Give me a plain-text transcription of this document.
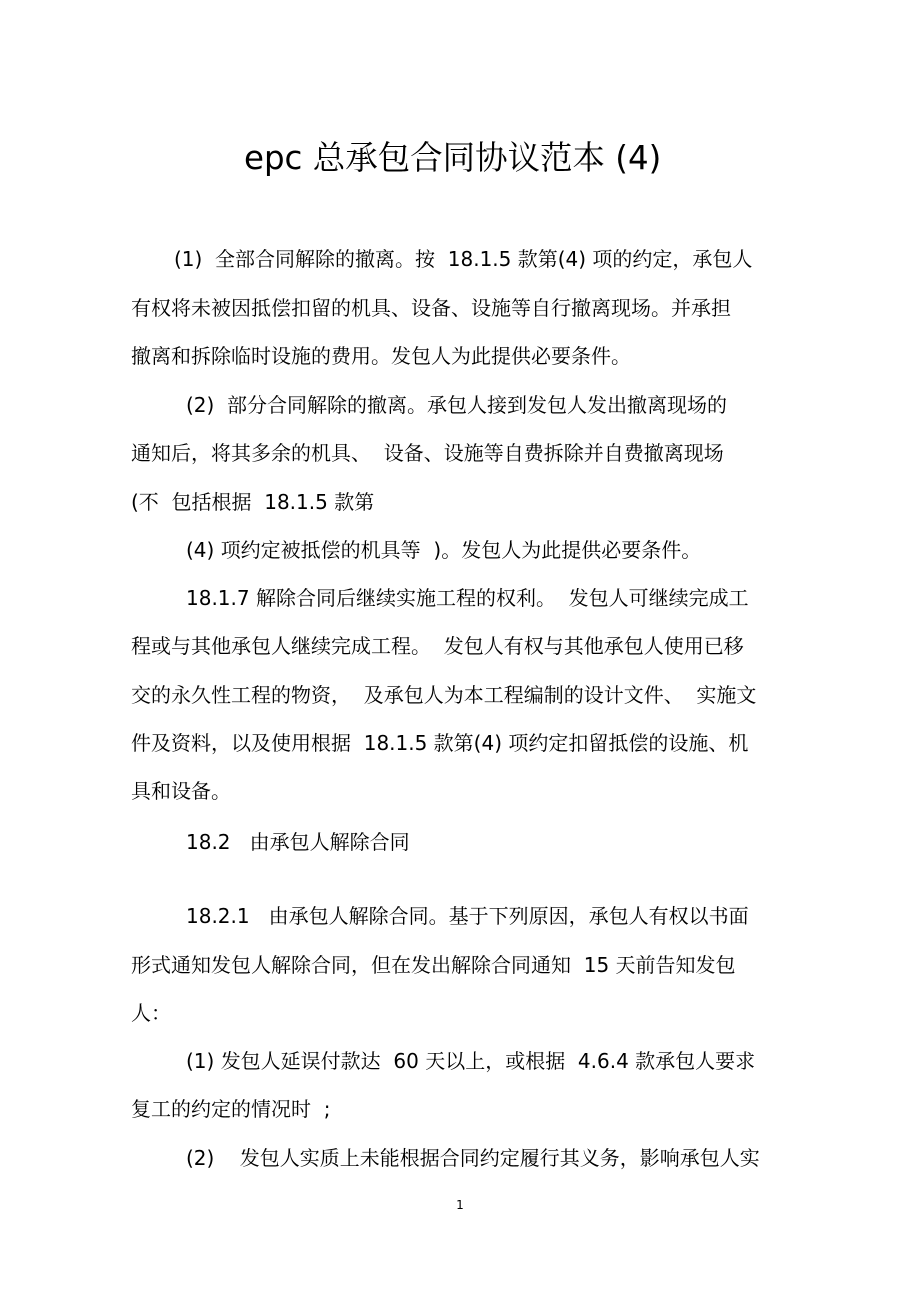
epc 总承包合同协议范本 (4)
(1)  全部合同解除的撤离。按  18.1.5 款第(4) 项的约定，承包人
有权将未被因抵偿扣留的机具、设备、设施等自行撤离现场。并承担
撤离和拆除临时设施的费用。发包人为此提供必要条件。
(2)  部分合同解除的撤离。承包人接到发包人发出撤离现场的
通知后，将其多余的机具、  设备、设施等自费拆除并自费撤离现场
(不  包括根据  18.1.5 款第
(4) 项约定被抵偿的机具等  )。发包人为此提供必要条件。
18.1.7 解除合同后继续实施工程的权利。  发包人可继续完成工
程或与其他承包人继续完成工程。  发包人有权与其他承包人使用已移
交的永久性工程的物资，  及承包人为本工程编制的设计文件、  实施文
件及资料，以及使用根据  18.1.5 款第(4) 项约定扣留抵偿的设施、机
具和设备。
18.2   由承包人解除合同
18.2.1   由承包人解除合同。基于下列原因，承包人有权以书面
形式通知发包人解除合同，但在发出解除合同通知  15 天前告知发包
人：
(1) 发包人延误付款达  60 天以上，或根据  4.6.4 款承包人要求
复工的约定的情况时  ;
(2)    发包人实质上未能根据合同约定履行其义务，影响承包人实
1
